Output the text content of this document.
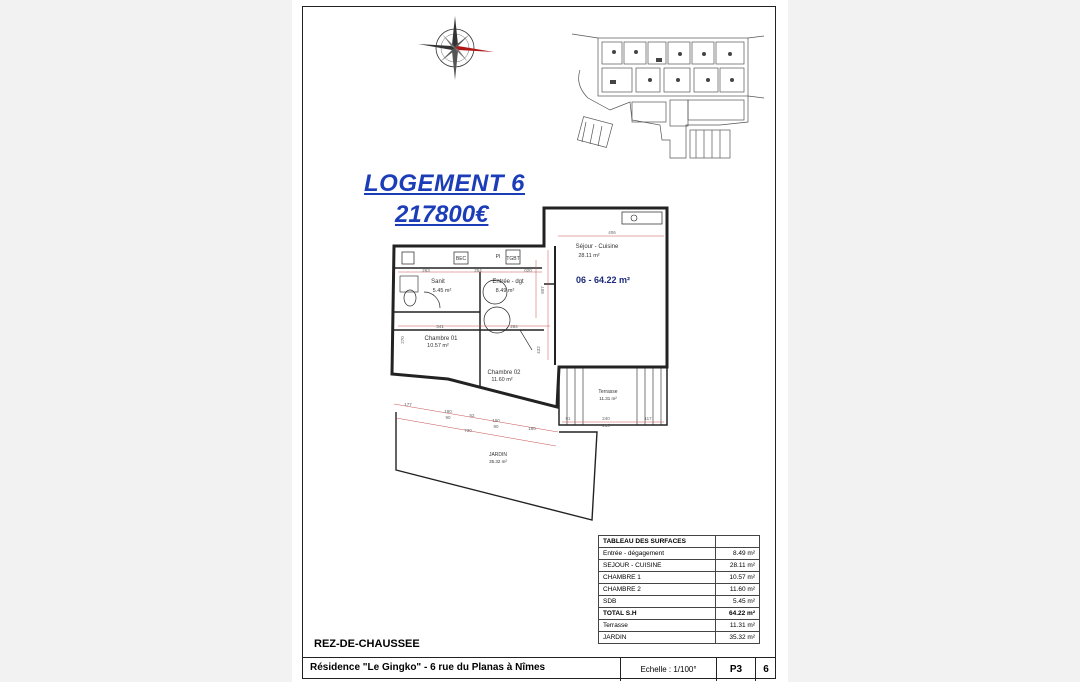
LOGEMENT 6
217800€
406
607
263	254	020
341	284
270
432
177
180
90	52
160
90	180
730
91	240	117
215
BEC	PI TGBT
Séjour - Cuisine
28.11 m²
Sanit
5.45 m²
Entrée - dgt
8.49 m²
Chambre 01
10.57 m²
Chambre 02
11.60 m²
Terrasse
11.31 m²
JARDIN
35.32 m²
06 - 64.22 m²
TABLEAU DES SURFACES	
Entrée - dégagement	8.49 m²
SEJOUR - CUISINE	28.11 m²
CHAMBRE 1	10.57 m²
CHAMBRE 2	11.60 m²
SDB	5.45 m²
TOTAL S.H	64.22 m²
Terrasse	11.31 m²
JARDIN	35.32 m²
REZ-DE-CHAUSSEE
Résidence "Le Gingko" - 6 rue du Planas à Nîmes	Echelle : 1/100°	P3	6
